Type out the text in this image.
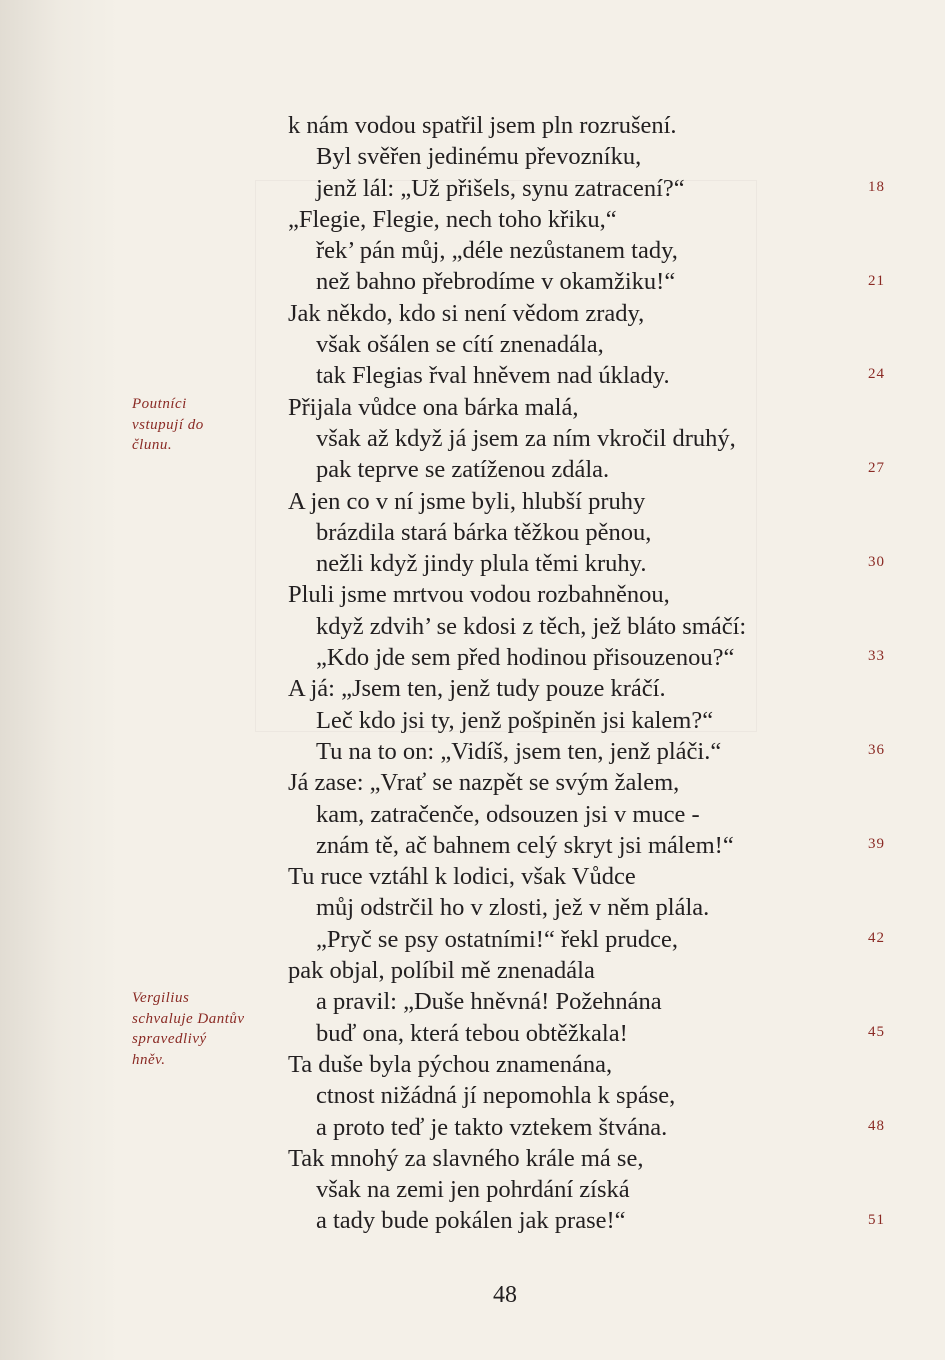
k nám vodou spatřil jsem pln rozrušení.
Byl svěřen jedinému převozníku,
jenž lál: „Už přišels, synu zatracení?“
„Flegie, Flegie, nech toho křiku,“
řek’ pán můj, „déle nezůstanem tady,
než bahno přebrodíme v okamžiku!“
Jak někdo, kdo si není vědom zrady,
však ošálen se cítí znenadála,
tak Flegias řval hněvem nad úklady.
Přijala vůdce ona bárka malá,
však až když já jsem za ním vkročil druhý,
pak teprve se zatíženou zdála.
A jen co v ní jsme byli, hlubší pruhy
brázdila stará bárka těžkou pěnou,
nežli když jindy plula těmi kruhy.
Pluli jsme mrtvou vodou rozbahněnou,
když zdvih’ se kdosi z těch, jež bláto smáčí:
„Kdo jde sem před hodinou přisouzenou?“
A já: „Jsem ten, jenž tudy pouze kráčí.
Leč kdo jsi ty, jenž pošpiněn jsi kalem?“
Tu na to on: „Vidíš, jsem ten, jenž pláči.“
Já zase: „Vrať se nazpět se svým žalem,
kam, zatračenče, odsouzen jsi v muce -
znám tě, ač bahnem celý skryt jsi málem!“
Tu ruce vztáhl k lodici, však Vůdce
můj odstrčil ho v zlosti, jež v něm plála.
„Pryč se psy ostatními!“ řekl prudce,
pak objal, políbil mě znenadála
a pravil: „Duše hněvná! Požehnána
buď ona, která tebou obtěžkala!
Ta duše byla pýchou znamenána,
ctnost nižádná jí nepomohla k spáse,
a proto teď je takto vztekem štvána.
Tak mnohý za slavného krále má se,
však na zemi jen pohrdání získá
a tady bude pokálen jak prase!“
Poutníci
vstupují do
člunu.
Vergilius
schvaluje Dantův
spravedlivý
hněv.
18
21
24
27
30
33
36
39
42
45
48
51
48
